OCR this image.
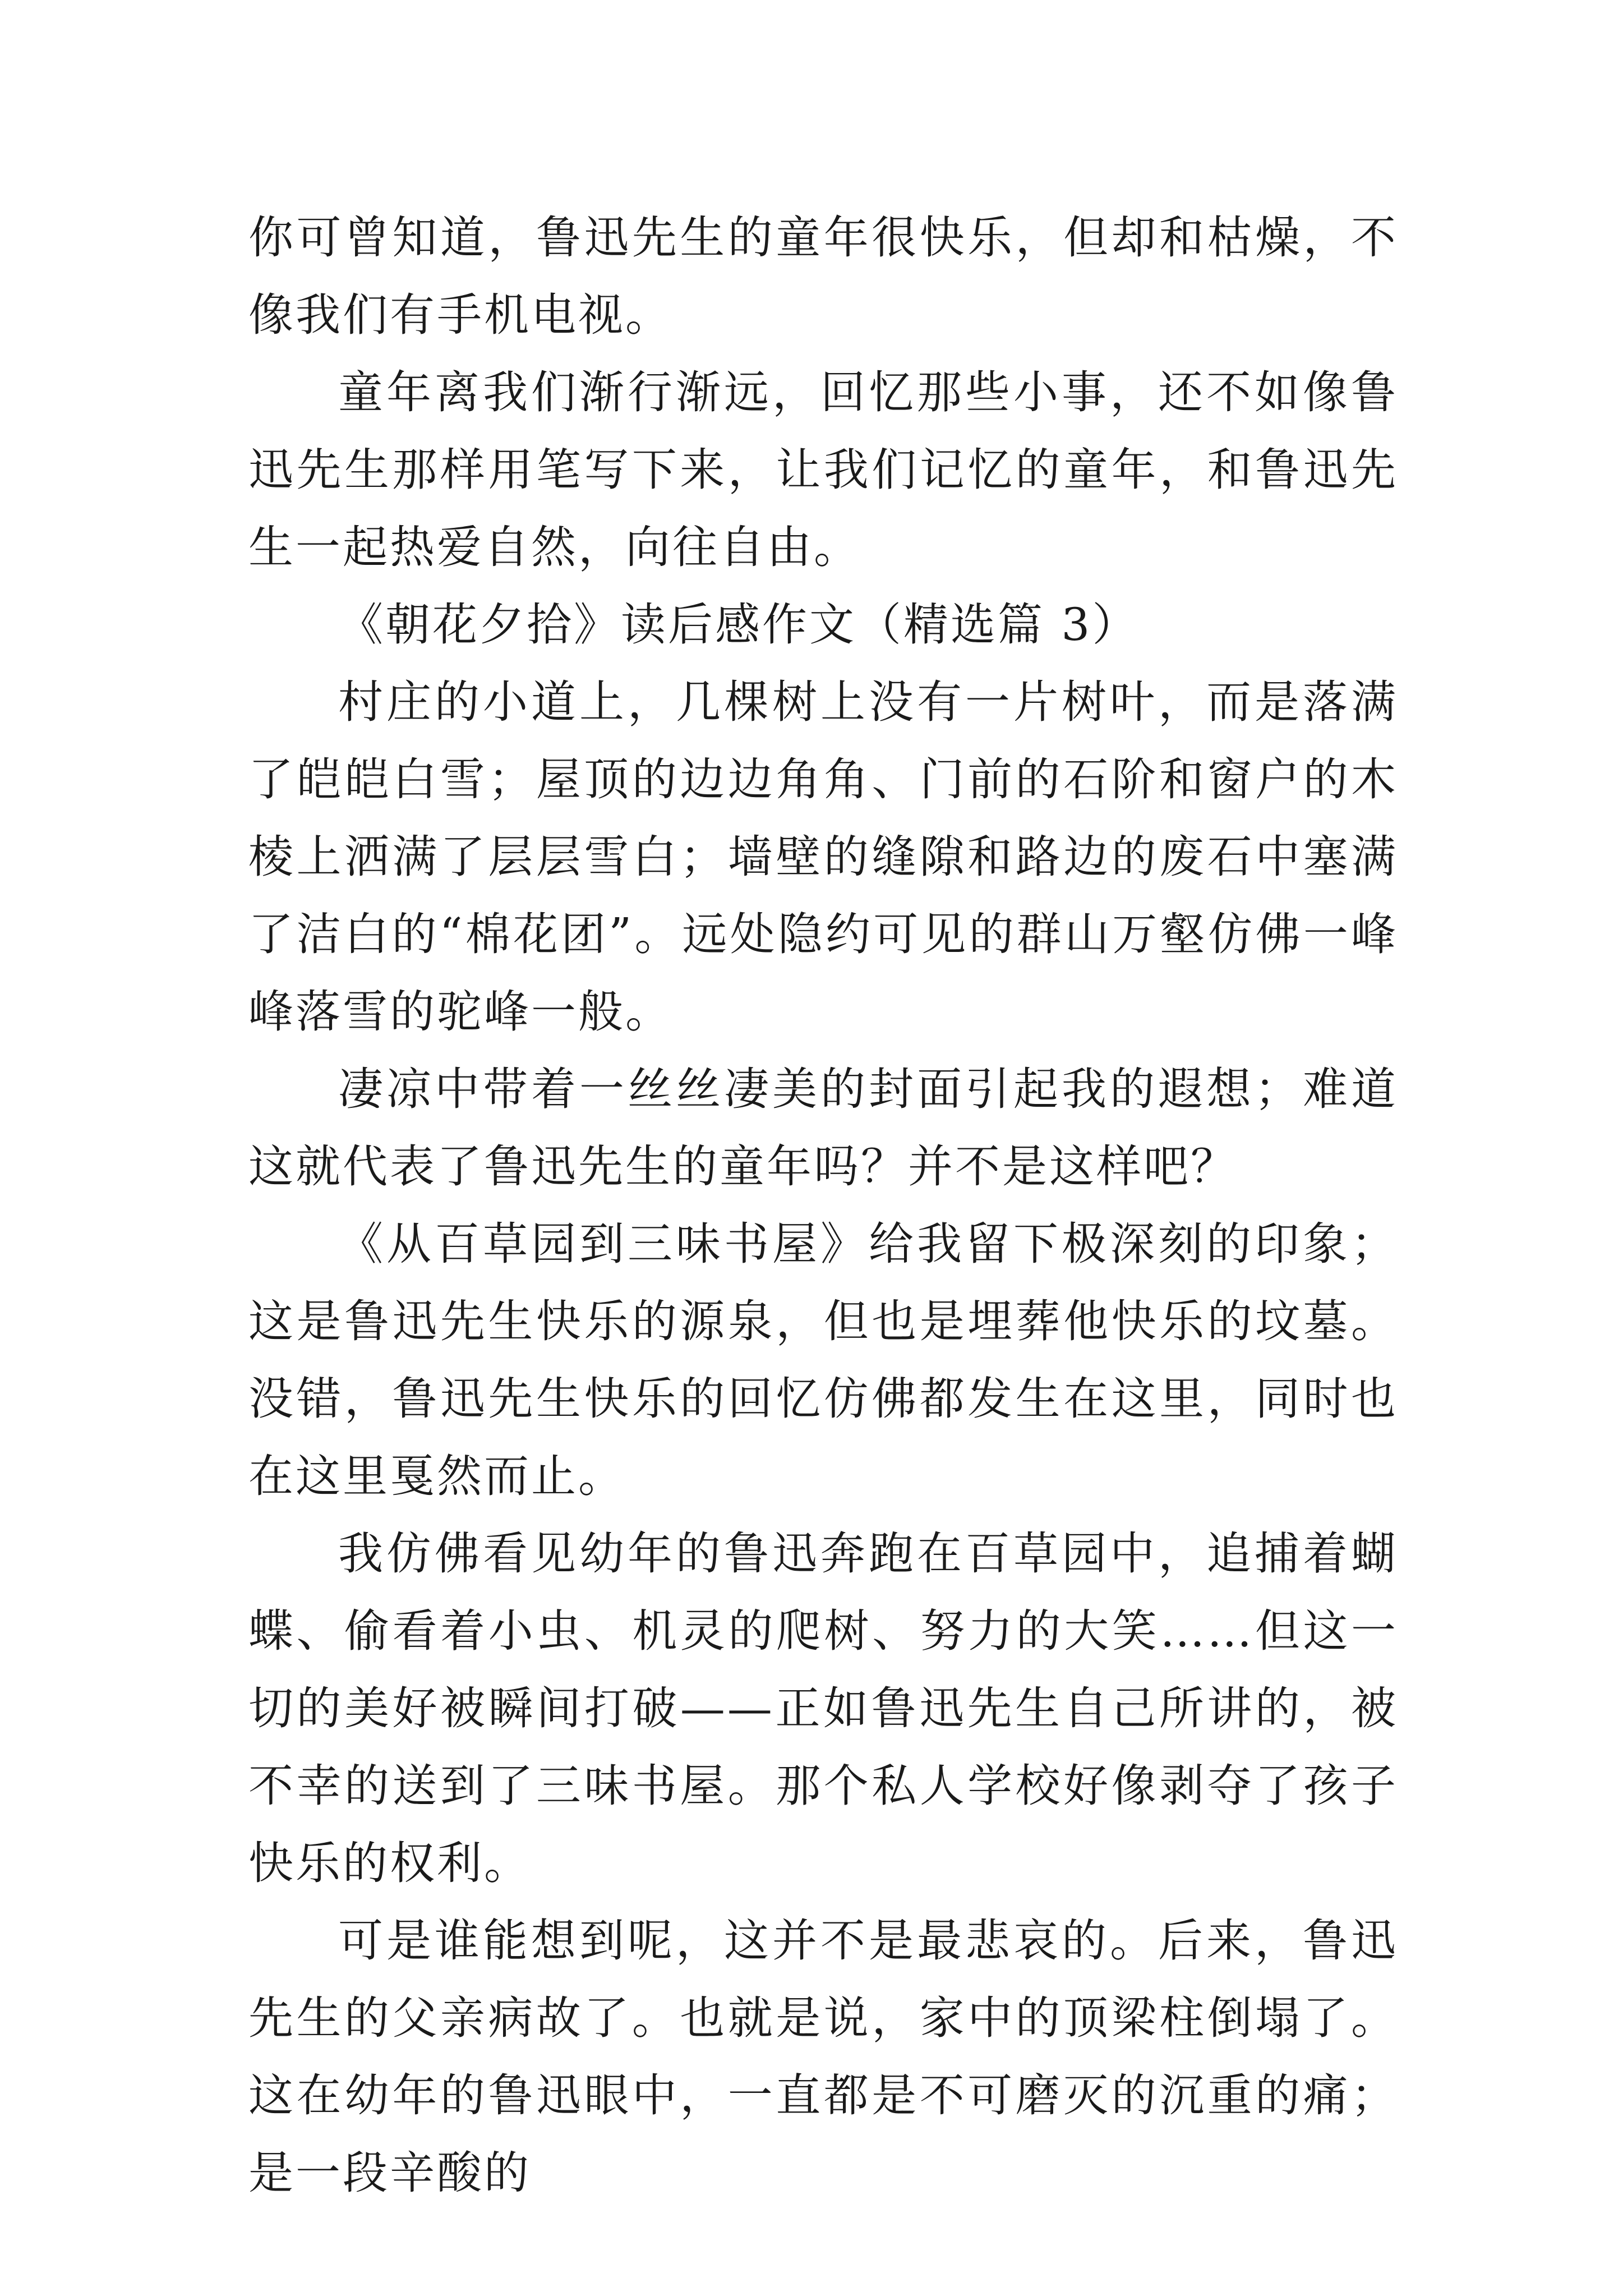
你可曾知道，鲁迅先生的童年很快乐，但却和枯燥，不像我们有手机电视。

童年离我们渐行渐远，回忆那些小事，还不如像鲁迅先生那样用笔写下来，让我们记忆的童年，和鲁迅先生一起热爱自然，向往自由。

《朝花夕拾》读后感作文（精选篇 3）

村庄的小道上，几棵树上没有一片树叶，而是落满了皑皑白雪；屋顶的边边角角、门前的石阶和窗户的木棱上洒满了层层雪白；墙壁的缝隙和路边的废石中塞满了洁白的“棉花团”。远处隐约可见的群山万壑仿佛一峰峰落雪的驼峰一般。

凄凉中带着一丝丝凄美的封面引起我的遐想；难道这就代表了鲁迅先生的童年吗？并不是这样吧？

《从百草园到三味书屋》给我留下极深刻的印象；这是鲁迅先生快乐的源泉，但也是埋葬他快乐的坟墓。没错，鲁迅先生快乐的回忆仿佛都发生在这里，同时也在这里戛然而止。

我仿佛看见幼年的鲁迅奔跑在百草园中，追捕着蝴蝶、偷看着小虫、机灵的爬树、努力的大笑……但这一切的美好被瞬间打破——正如鲁迅先生自己所讲的，被不幸的送到了三味书屋。那个私人学校好像剥夺了孩子快乐的权利。

可是谁能想到呢，这并不是最悲哀的。后来，鲁迅先生的父亲病故了。也就是说，家中的顶梁柱倒塌了。这在幼年的鲁迅眼中，一直都是不可磨灭的沉重的痛；是一段辛酸的
